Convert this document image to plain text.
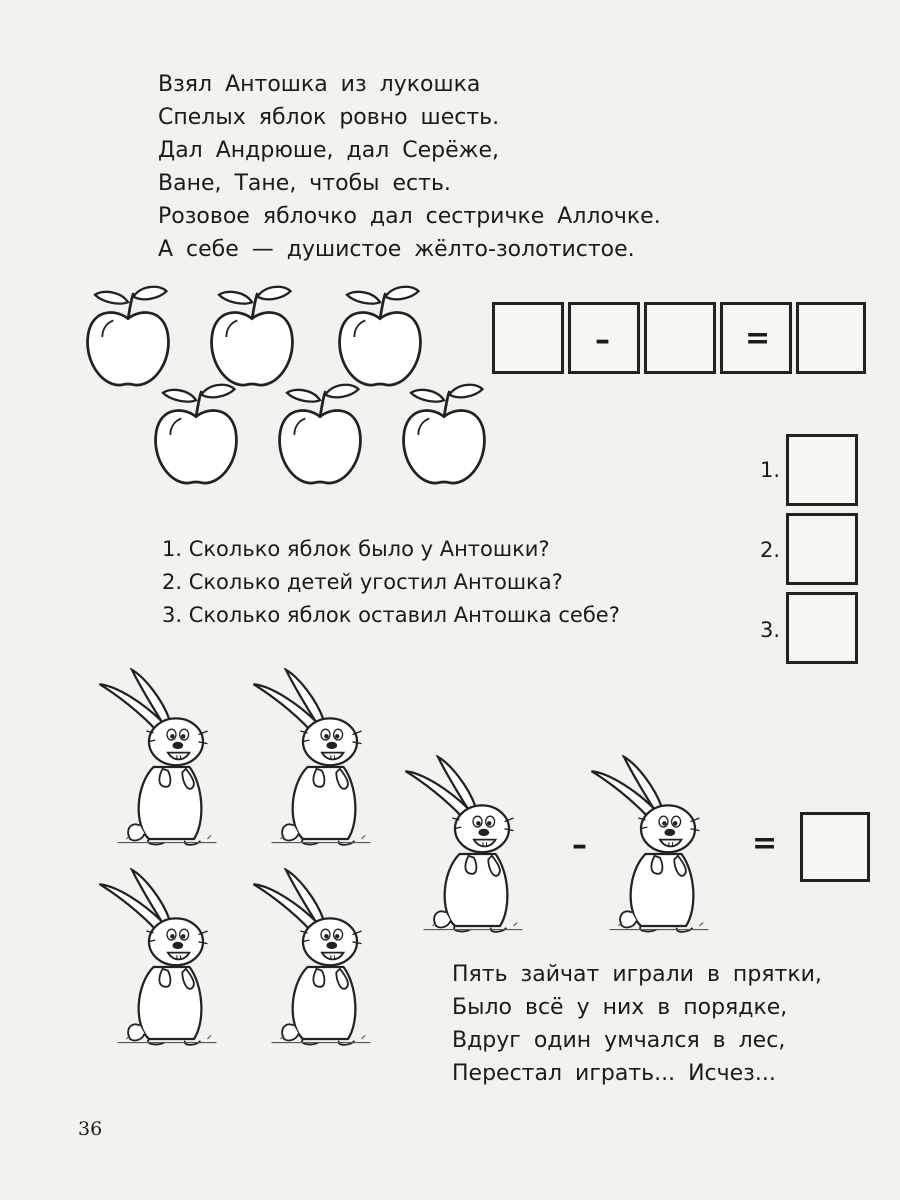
Взял Антошка из лукошка
Спелых яблок ровно шесть.
Дал Андрюше, дал Серёже,
Ване, Тане, чтобы есть.
Розовое яблочко дал сестричке Аллочке.
А себе — душистое жёлто-золотистое.
–	=
1.
2.
3.
1. Сколько яблок было у Антошки?
2. Сколько детей угостил Антошка?
3. Сколько яблок оставил Антошка себе?
–	=
Пять зайчат играли в прятки,
Было всё у них в порядке,
Вдруг один умчался в лес,
Перестал играть... Исчез...
36
